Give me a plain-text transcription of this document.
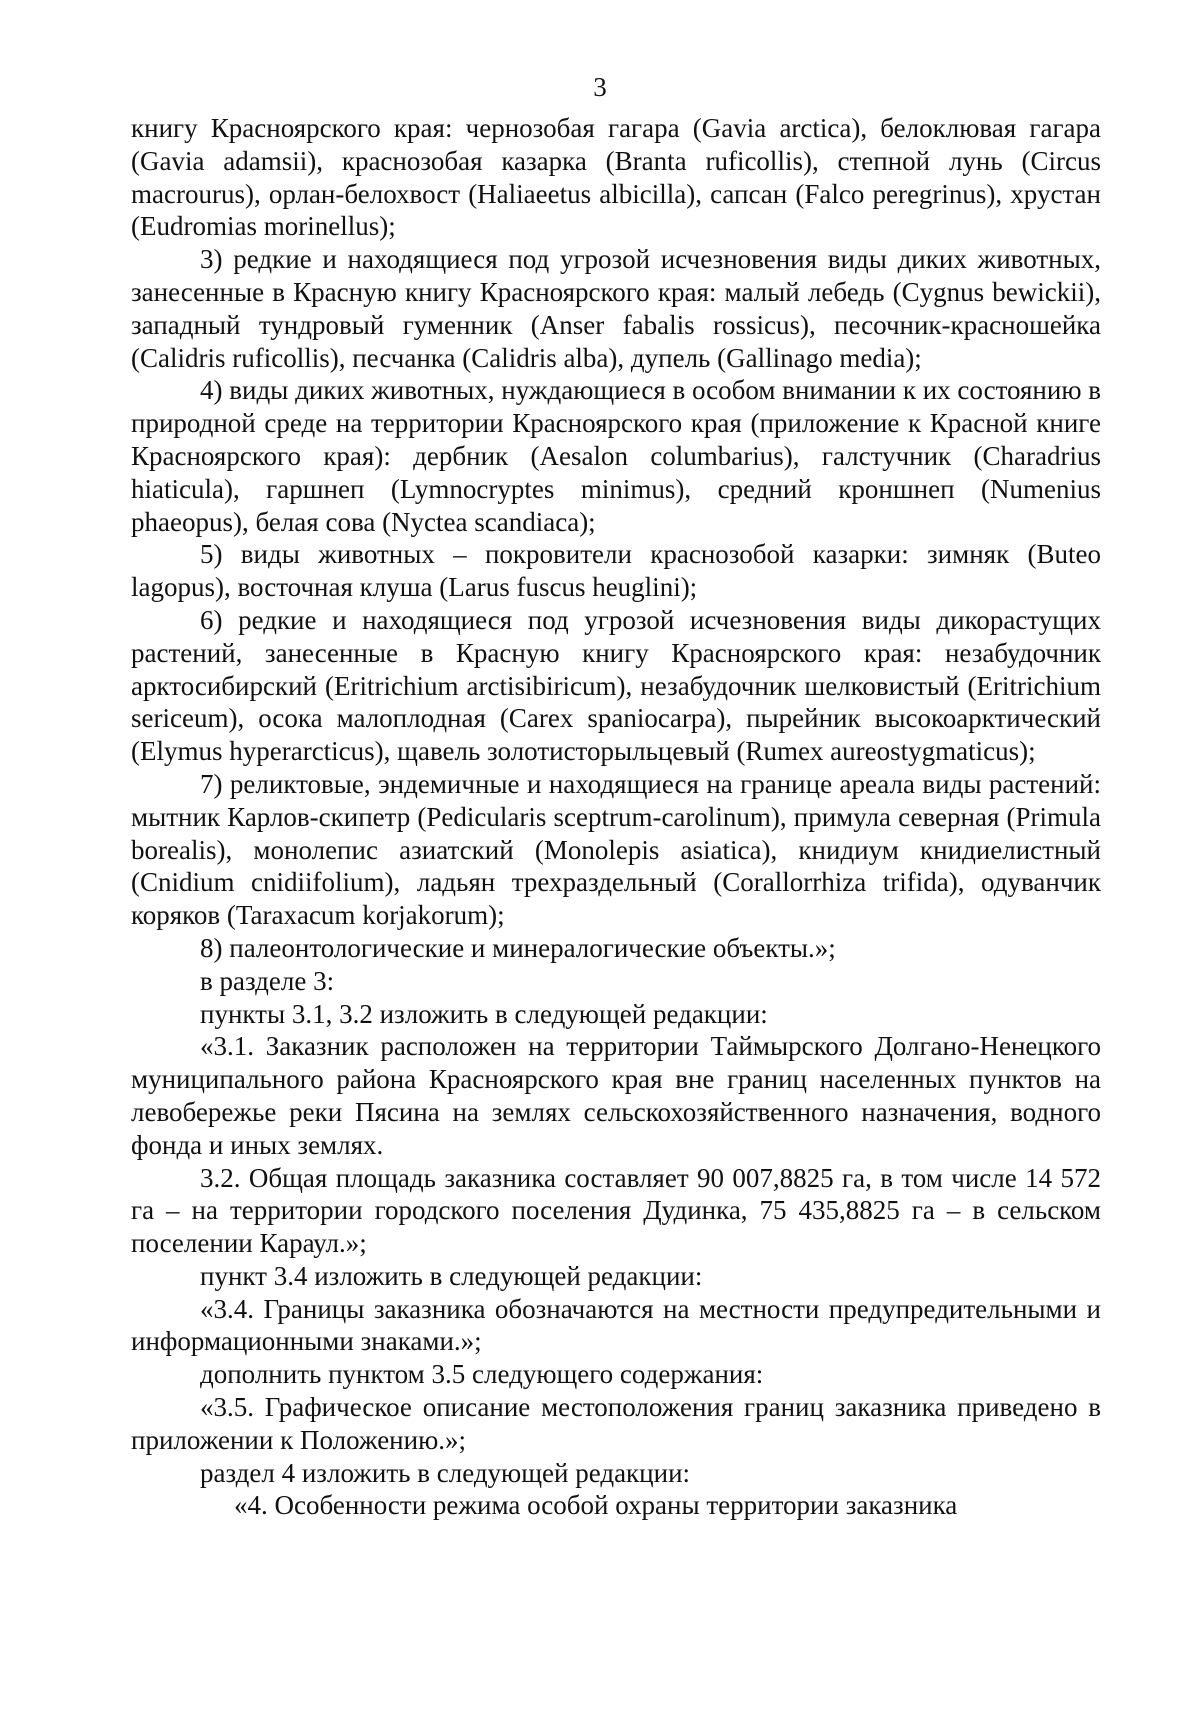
3

книгу Красноярского края: чернозобая гагара (Gavia arctica), белоклювая гагара (Gavia adamsii), краснозобая казарка (Branta ruficollis), степной лунь (Circus macrourus), орлан-белохвост (Haliaeetus albicilla), сапсан (Falco peregrinus), хрустан (Eudromias morinellus);

3) редкие и находящиеся под угрозой исчезновения виды диких животных, занесенные в Красную книгу Красноярского края: малый лебедь (Cygnus bewickii), западный тундровый гуменник (Anser fabalis rossicus), песочник-красношейка (Calidris ruficollis), песчанка (Calidris alba), дупель (Gallinago media);

4) виды диких животных, нуждающиеся в особом внимании к их состоянию в природной среде на территории Красноярского края (приложение к Красной книге Красноярского края): дербник (Aesalon columbarius), галстучник (Charadrius hiaticula), гаршнеп (Lymnocryptes minimus), средний кроншнеп (Numenius phaeopus), белая сова (Nyctea scandiaca);

5) виды животных – покровители краснозобой казарки: зимняк (Buteo lagopus), восточная клуша (Larus fuscus heuglini);

6) редкие и находящиеся под угрозой исчезновения виды дикорастущих растений, занесенные в Красную книгу Красноярского края: незабудочник арктосибирский (Eritrichium arctisibiricum), незабудочник шелковистый (Eritrichium sericeum), осока малоплодная (Carex spaniocarpa), пырейник высокоарктический (Elymus hyperarcticus), щавель золотисторыльцевый (Rumex aureostygmaticus);

7) реликтовые, эндемичные и находящиеся на границе ареала виды растений: мытник Карлов-скипетр (Pedicularis sceptrum-carolinum), примула северная (Primula borealis), монолепис азиатский (Monolepis asiatica), книдиум книдиелистный (Cnidium cnidiifolium), ладьян трехраздельный (Corallorrhiza trifida), одуванчик коряков (Taraxacum korjakorum);

8) палеонтологические и минералогические объекты.»;

в разделе 3:

пункты 3.1, 3.2 изложить в следующей редакции:

«3.1. Заказник расположен на территории Таймырского Долгано-Ненецкого муниципального района Красноярского края вне границ населенных пунктов на левобережье реки Пясина на землях сельскохозяйственного назначения, водного фонда и иных землях.

3.2. Общая площадь заказника составляет 90 007,8825 га, в том числе 14 572 га – на территории городского поселения Дудинка, 75 435,8825 га – в сельском поселении Караул.»;

пункт 3.4 изложить в следующей редакции:

«3.4. Границы заказника обозначаются на местности предупредительными и информационными знаками.»;

дополнить пунктом 3.5 следующего содержания:

«3.5. Графическое описание местоположения границ заказника приведено в приложении к Положению.»;

раздел 4 изложить в следующей редакции:

«4. Особенности режима особой охраны территории заказника
